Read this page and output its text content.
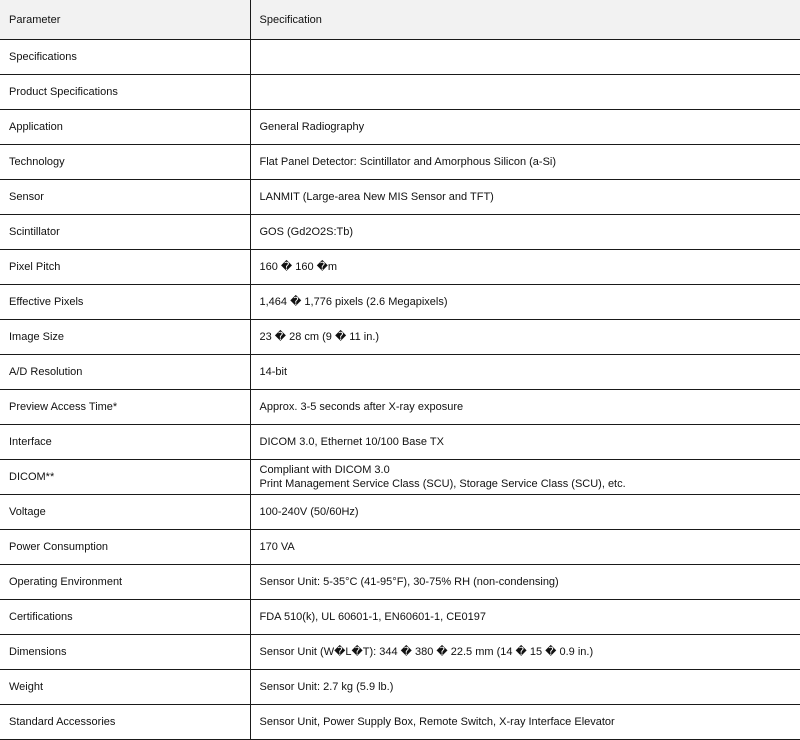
Parameter	Specification
Specifications	
Product Specifications	
Application	General Radiography
Technology	Flat Panel Detector: Scintillator and Amorphous Silicon (a-Si)
Sensor	LANMIT (Large-area New MIS Sensor and TFT)
Scintillator	GOS (Gd2O2S:Tb)
Pixel Pitch	160 � 160 �m
Effective Pixels	1,464 � 1,776 pixels (2.6 Megapixels)
Image Size	23 � 28 cm (9 � 11 in.)
A/D Resolution	14-bit
Preview Access Time*	Approx. 3-5 seconds after X-ray exposure
Interface	DICOM 3.0, Ethernet 10/100 Base TX
DICOM**	Compliant with DICOM 3.0
Print Management Service Class (SCU), Storage Service Class (SCU), etc.

Voltage	100-240V (50/60Hz)
Power Consumption	170 VA
Operating Environment	Sensor Unit: 5-35°C (41-95°F), 30-75% RH (non-condensing)
Certifications	FDA 510(k), UL 60601-1, EN60601-1, CE0197
Dimensions	Sensor Unit (W�L�T): 344 � 380 � 22.5 mm (14 � 15 � 0.9 in.)
Weight	Sensor Unit: 2.7 kg (5.9 lb.)
Standard Accessories	Sensor Unit, Power Supply Box, Remote Switch, X-ray Interface Elevator
